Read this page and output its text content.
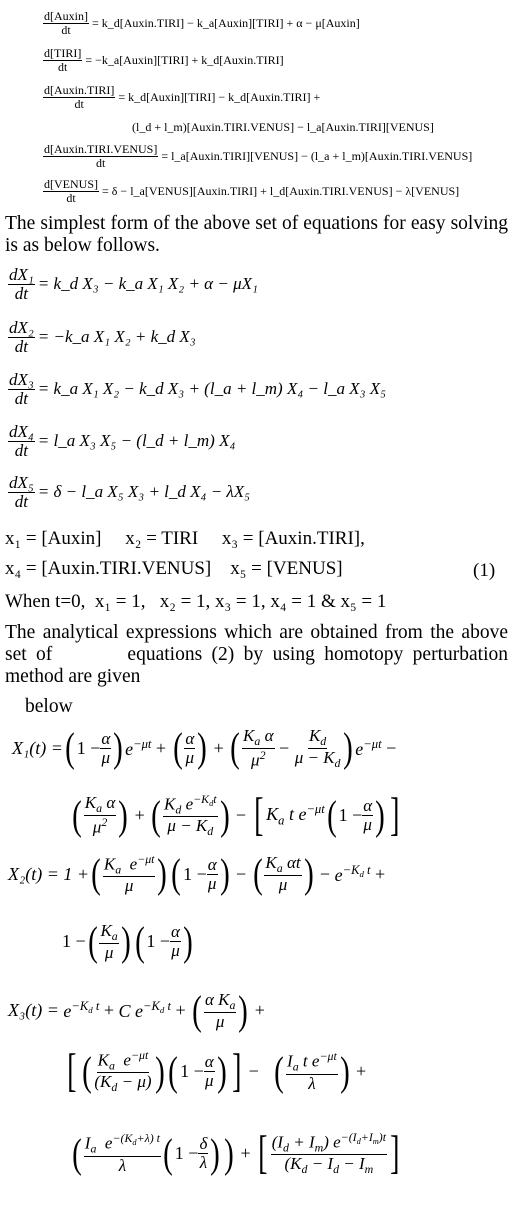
$\frac{\text{d[Auxin]}}{dt}$ = k_d[Auxin.TIRI] − k_a[Auxin][TIRI] + α − μ[Auxin]
$\frac{\text{d[TIRI]}}{dt}$ = −k_a[Auxin][TIRI] + k_d[Auxin.TIRI]
$\frac{\text{d[Auxin.TIRI]}}{dt}$ = k_d[Auxin][TIRI] − k_d[Auxin.TIRI] +
(l_d + l_m)[Auxin.TIRI.VENUS] − l_a[Auxin.TIRI][VENUS]
$\frac{\text{d[Auxin.TIRI.VENUS]}}{dt}$ = l_a[Auxin.TIRI][VENUS] − (l_a + l_m)[Auxin.TIRI.VENUS]
$\frac{\text{d[VENUS]}}{dt} = \delta$ − l_a[VENUS][Auxin.TIRI] + l_d[Auxin.TIRI.VENUS] − λ[VENUS]
The simplest form of the above set of equations for easy solving is as below follows.
$\frac{\text{dX₁}}{dt}$ = k_d X₃ − k_a X₁ X₂ + α − μX₁
$\frac{\text{dX₂}}{dt}$ = −k_a X₁ X₂ + k_d X₃
$\frac{\text{dX₃}}{dt}$ = k_a X₁ X₂ − k_d X₃ + (l_a + l_m) X₄ − l_a X₃ X₅
$\frac{\text{dX₄}}{dt}$ = l_a X₃ X₅ − (l_d + l_m) X₄
$\frac{\text{dX₅}}{dt} = \delta$ − l_a X₅ X₃ + l_d X₄ − λX₅
x₁ = [Auxin]     x₂ = TIRI     x₃ = [Auxin.TIRI],
x₄ = [Auxin.TIRI.VENUS]    x₅ = [VENUS]	(1)
When t=0,  x₁ = 1,   x₂ = 1, x₃ = 1, x₄ = 1 & x₅ = 1
The analytical expressions which are obtained from the above set of        equations (2) by using homotopy perturbation method are given
below
X₁(t) = ( $1 - \frac{\alpha}{\mu}$ ) $e^{-\mu t}$ + ( $\frac{\alpha}{\mu}$ ) + ( $\frac{K_a \alpha}{\mu^2} - \frac{K_d}{\mu - K_d}$ ) $e^{-\mu t}$ −
( $\frac{K_a \alpha}{\mu^2}$ ) + ( $\frac{K_d e^{-K_dt}}{\mu - K_d}$ ) − [ $K_a$ t $e^{-\mu t}$ ( $1 - \frac{\alpha}{\mu}$ ) ]
X₂(t) = 1 + ( $\frac{K_a e^{-\mu t}}{\mu}$ ) ( $1 - \frac{\alpha}{\mu}$ ) − ( $\frac{K_a \alpha t}{\mu}$ ) − $e^{-K_d t}$ +
1 − ( $\frac{K_a}{\mu}$ ) ( $1 - \frac{\alpha}{\mu}$ )
$X_3(t) = e^{-K_d t} + C$ $e^{-K_d t}$ + ( $\frac{\alpha K_a}{\mu}$ ) +
[ ( $\frac{K_a e^{-\mu t}}{(K_d - \mu)}$ ) ( $1 - \frac{\alpha}{\mu}$ ) ] − ( $\frac{I_a t e^{-\mu t}}{\lambda}$ ) +
( $\frac{I_a e^{-(K_d+\lambda) t}}{\lambda}$ ( $1 - \frac{\delta}{\lambda}$ ) ) + [ $\frac{(I_d + I_m) e^{-(I_d+I_m)t}}{(K_d - I_d - I_m}$ ]
